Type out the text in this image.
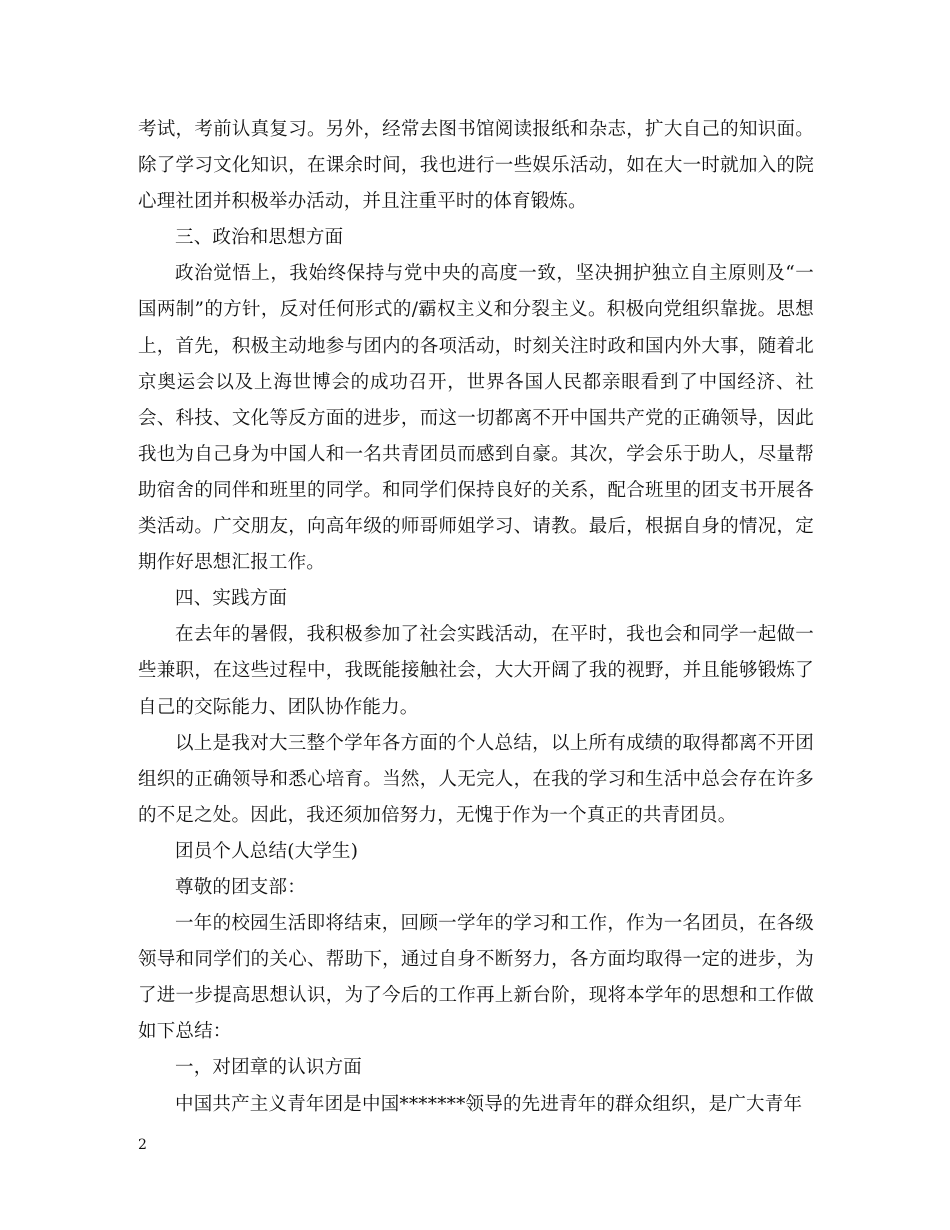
考试，考前认真复习。另外，经常去图书馆阅读报纸和杂志，扩大自己的知识面。除了学习文化知识，在课余时间，我也进行一些娱乐活动，如在大一时就加入的院心理社团并积极举办活动，并且注重平时的体育锻炼。

三、政治和思想方面

政治觉悟上，我始终保持与党中央的高度一致，坚决拥护独立自主原则及“一国两制”的方针，反对任何形式的/霸权主义和分裂主义。积极向党组织靠拢。思想上，首先，积极主动地参与团内的各项活动，时刻关注时政和国内外大事，随着北京奥运会以及上海世博会的成功召开，世界各国人民都亲眼看到了中国经济、社会、科技、文化等反方面的进步，而这一切都离不开中国共产党的正确领导，因此我也为自己身为中国人和一名共青团员而感到自豪。其次，学会乐于助人，尽量帮助宿舍的同伴和班里的同学。和同学们保持良好的关系，配合班里的团支书开展各类活动。广交朋友，向高年级的师哥师姐学习、请教。最后，根据自身的情况，定期作好思想汇报工作。

四、实践方面

在去年的暑假，我积极参加了社会实践活动，在平时，我也会和同学一起做一些兼职，在这些过程中，我既能接触社会，大大开阔了我的视野，并且能够锻炼了自己的交际能力、团队协作能力。

以上是我对大三整个学年各方面的个人总结，以上所有成绩的取得都离不开团组织的正确领导和悉心培育。当然，人无完人，在我的学习和生活中总会存在许多的不足之处。因此，我还须加倍努力，无愧于作为一个真正的共青团员。

团员个人总结(大学生)

尊敬的团支部：

一年的校园生活即将结束，回顾一学年的学习和工作，作为一名团员，在各级领导和同学们的关心、帮助下，通过自身不断努力，各方面均取得一定的进步，为了进一步提高思想认识，为了今后的工作再上新台阶，现将本学年的思想和工作做如下总结：

一，对团章的认识方面

中国共产主义青年团是中国*******领导的先进青年的群众组织，是广大青年

2
